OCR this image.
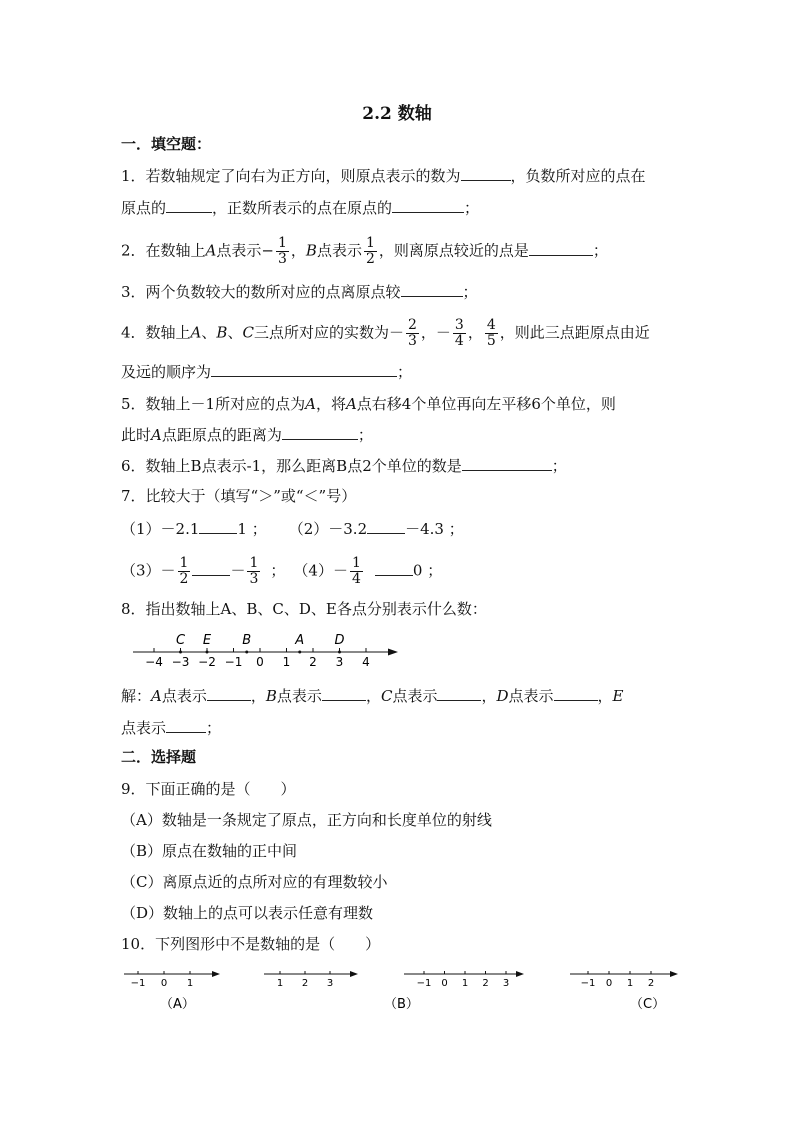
2.2 数轴
一．填空题：
1．若数轴规定了向右为正方向，则原点表示的数为	，负数所对应的点在
原点的	，正数所表示的点在原点的	；
2．在数轴上A点表示− $\frac{1}{3}$ ，B点表示 $\frac{1}{2}$ ，则离原点较近的点是	；
3．两个负数较大的数所对应的点离原点较	；
4．数轴上A、B、C三点所对应的实数为－ $\frac{2}{3}$ ，－ $\frac{3}{4}$ ， $\frac{4}{5}$ ，则此三点距原点由近
及远的顺序为	；
5．数轴上－1所对应的点为A，将A点右移4个单位再向左平移6个单位，则
此时A点距原点的距离为	；
6．数轴上B点表示-1，那么距离B点2个单位的数是	；
7．比较大于（填写“＞”或“＜”号）
（1）－2.1	1 ； （2）－3.2	－4.3 ；
$(3)- \frac{1}{2}$	－ $\frac{1}{3}$ ； $(4)- \frac{1}{4}$	0 ；
8．指出数轴上A、B、C、D、E各点分别表示什么数：
−4 −3 −2 −1 0 1 2 3 4
C E B	A D
解：A点表示	，B点表示	，C点表示	，D点表示	，E
点表示	；
二．选择题
9．下面正确的是（　　）
（A）数轴是一条规定了原点，正方向和长度单位的射线
（B）原点在数轴的正中间
（C）离原点近的点所对应的有理数较小
（D）数轴上的点可以表示任意有理数
10．下列图形中不是数轴的是（　　）
−1 0 1	1 2 3	−1 0 1 2 3	−1 0 1 2
（A）	（B）	（C）
